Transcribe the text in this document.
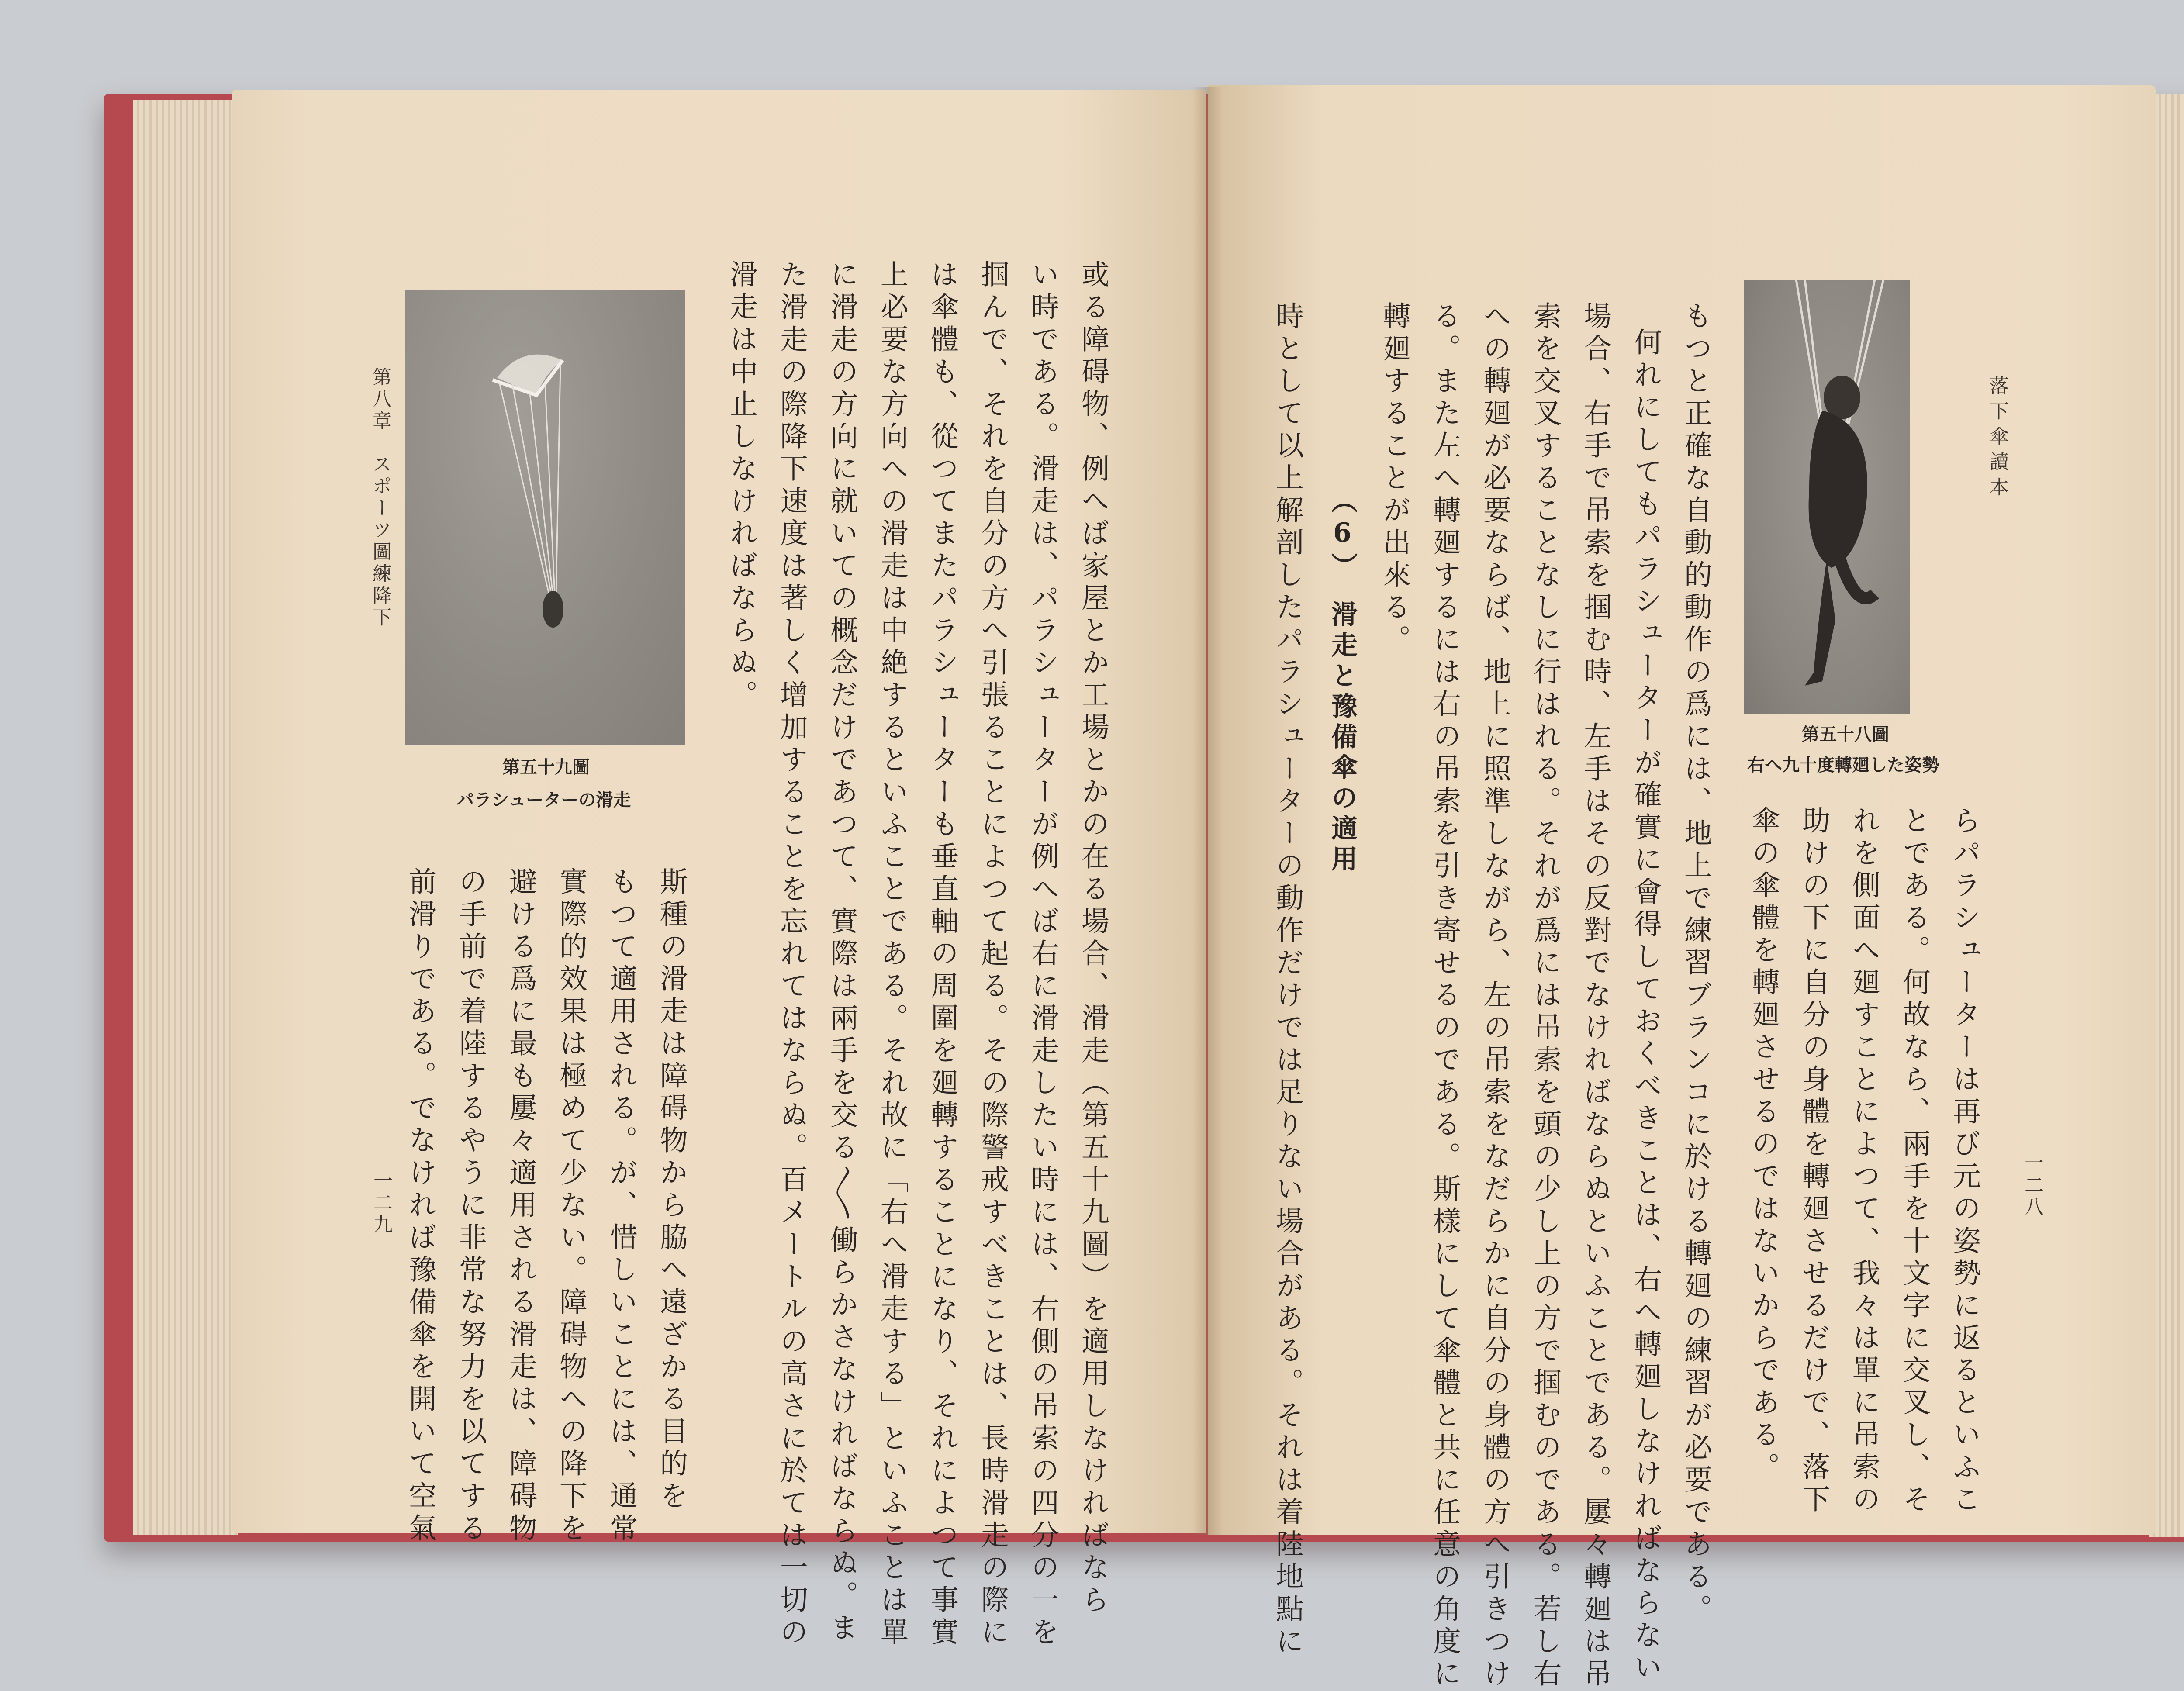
第八章　スポーツ圖練降下
第五十九圖
パラシューターの滑走	或る障碍物、例へば家屋とか工場とかの在る場合、滑走（第五十九圖）を適用しなければなら
い時である。滑走は、パラシューターが例へば右に滑走したい時には、右側の吊索の四分の一を
掴んで、それを自分の方へ引張ることによつて起る。その際警戒すべきことは、長時滑走の際に
は傘體も、從つてまたパラシューターも垂直軸の周圍を廻轉することになり、それによつて事實
上必要な方向への滑走は中絶するといふことである。それ故に「右へ滑走する」といふことは單
に滑走の方向に就いての概念だけであつて、實際は兩手を交る〳〵働らかさなければならぬ。ま
た滑走の際降下速度は著しく增加することを忘れてはならぬ。百メートルの高さに於ては一切の
滑走は中止しなければならぬ。
斯種の滑走は障碍物から脇へ遠ざかる目的を
もつて適用される。が、惜しいことには、通常
實際的效果は極めて少ない。障碍物への降下を
避ける爲に最も屢々適用される滑走は、障碍物
の手前で着陸するやうに非常な努力を以てする
前滑りである。でなければ豫備傘を開いて空氣
一二九
落下傘讀本
第五十八圖
右へ九十度轉廻した姿勢
もつと正確な自動的動作の爲には、地上で練習ブランコに於ける轉廻の練習が必要である。
何れにしてもパラシューターが確實に會得しておくべきことは、右へ轉廻しなければならない
場合、右手で吊索を掴む時、左手はその反對でなければならぬといふことである。屢々轉廻は吊
索を交叉することなしに行はれる。それが爲には吊索を頭の少し上の方で掴むのである。若し右
への轉廻が必要ならば、地上に照準しながら、左の吊索をなだらかに自分の身體の方へ引きつけ
る。また左へ轉廻するには右の吊索を引き寄せるのである。斯樣にして傘體と共に任意の角度に
轉廻することが出來る。
（6）　滑走と豫備傘の適用
時として以上解剖したパラシューターの動作だけでは足りない場合がある。それは着陸地點に	らパラシューターは再び元の姿勢に返るといふこ
とである。何故なら、兩手を十文字に交叉し、そ
れを側面へ廻すことによつて、我々は單に吊索の
助けの下に自分の身體を轉廻させるだけで、落下
傘の傘體を轉廻させるのではないからである。	一二八
